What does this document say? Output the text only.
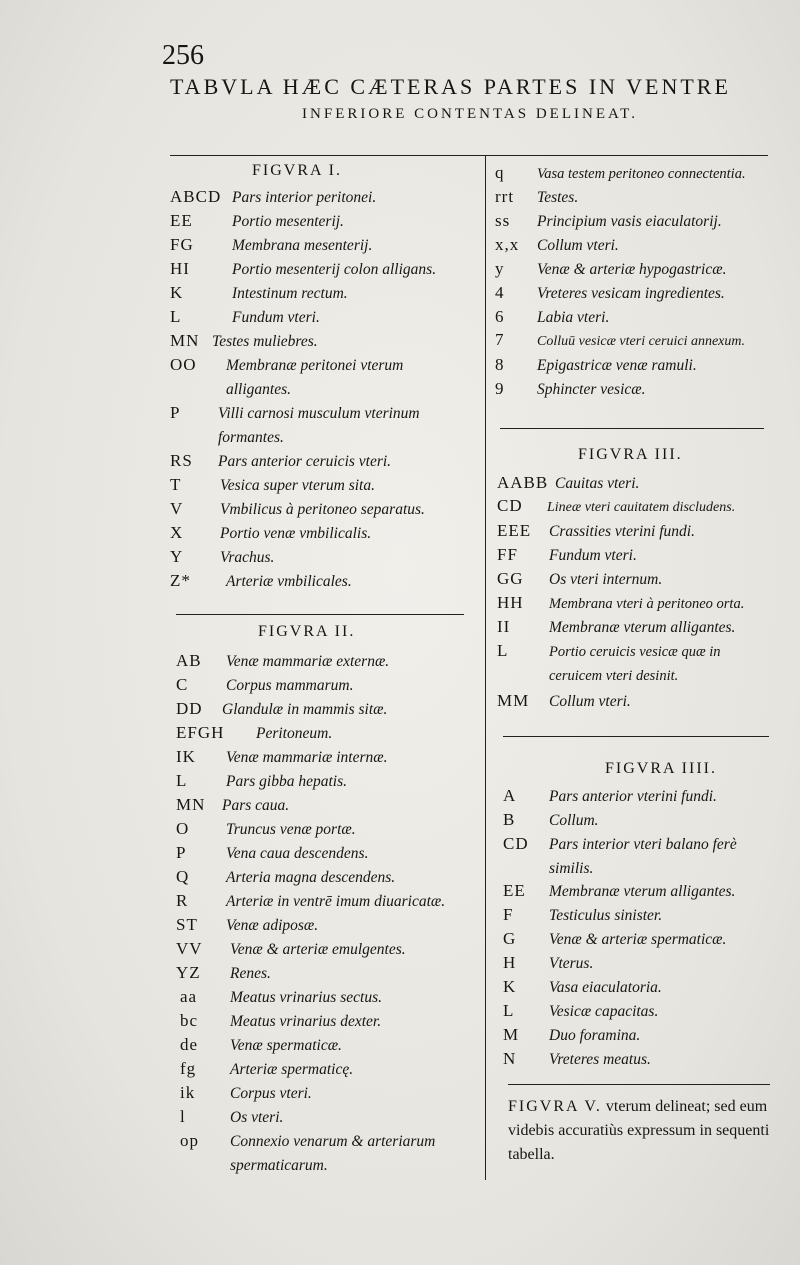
256
TABVLA HÆC CÆTERAS PARTES IN VENTRE
INFERIORE CONTENTAS DELINEAT.
FIGVRA I.
FIGVRA II.
FIGVRA III.
FIGVRA IIII.
ABCD Pars interior peritonei.
EE	Portio mesenterij.
FG	Membrana mesenterij.
HI	Portio mesenterij colon alligans.
K	Intestinum rectum.
L	Fundum vteri.
MN Testes muliebres.
OO	Membranæ peritonei vterum alligantes.
P	Villi carnosi musculum vterinum formantes.
RS	Pars anterior ceruicis vteri.
T	Vesica super vterum sita.
V	Vmbilicus à peritoneo separatus.
X	Portio venæ vmbilicalis.
Y	Vrachus.
Z*	Arteriæ vmbilicales.
AB	Venæ mammariæ externæ.
C	Corpus mammarum.
DD	Glandulæ in mammis sitæ.
EFGH	Peritoneum.
IK	Venæ mammariæ internæ.
L	Pars gibba hepatis.
MN	Pars caua.
O	Truncus venæ portæ.
P	Vena caua descendens.
Q	Arteria magna descendens.
R	Arteriæ in ventrē imum diuaricatæ.
ST	Venæ adiposæ.
VV	Venæ & arteriæ emulgentes.
YZ	Renes.
aa	Meatus vrinarius sectus.
bc	Meatus vrinarius dexter.
de	Venæ spermaticæ.
fg	Arteriæ spermaticę.
ik	Corpus vteri.
l	Os vteri.
op	Connexio venarum & arteriarum spermaticarum.
q	Vasa testem peritoneo connectentia.
rrt	Testes.
ss	Principium vasis eiaculatorij.
x,x	Collum vteri.
y	Venæ & arteriæ hypogastricæ.
4	Vreteres vesicam ingredientes.
6	Labia vteri.
7	Colluū vesicæ vteri ceruici annexum.
8	Epigastricæ venæ ramuli.
9	Sphincter vesicæ.
AABB Cauitas vteri.
CD	Lineæ vteri cauitatem discludens.
EEE	Crassities vterini fundi.
FF	Fundum vteri.
GG	Os vteri internum.
HH	Membrana vteri à peritoneo orta.
II	Membranæ vterum alligantes.
L	Portio ceruicis vesicæ quæ in ceruicem vteri desinit.
MM	Collum vteri.
A	Pars anterior vterini fundi.
B	Collum.
CD	Pars interior vteri balano ferè similis.
EE	Membranæ vterum alligantes.
F	Testiculus sinister.
G	Venæ & arteriæ spermaticæ.
H	Vterus.
K	Vasa eiaculatoria.
L	Vesicæ capacitas.
M	Duo foramina.
N	Vreteres meatus.
FIGVRA V. vterum delineat; sed eum videbis accuratiùs expressum in sequenti tabella.
